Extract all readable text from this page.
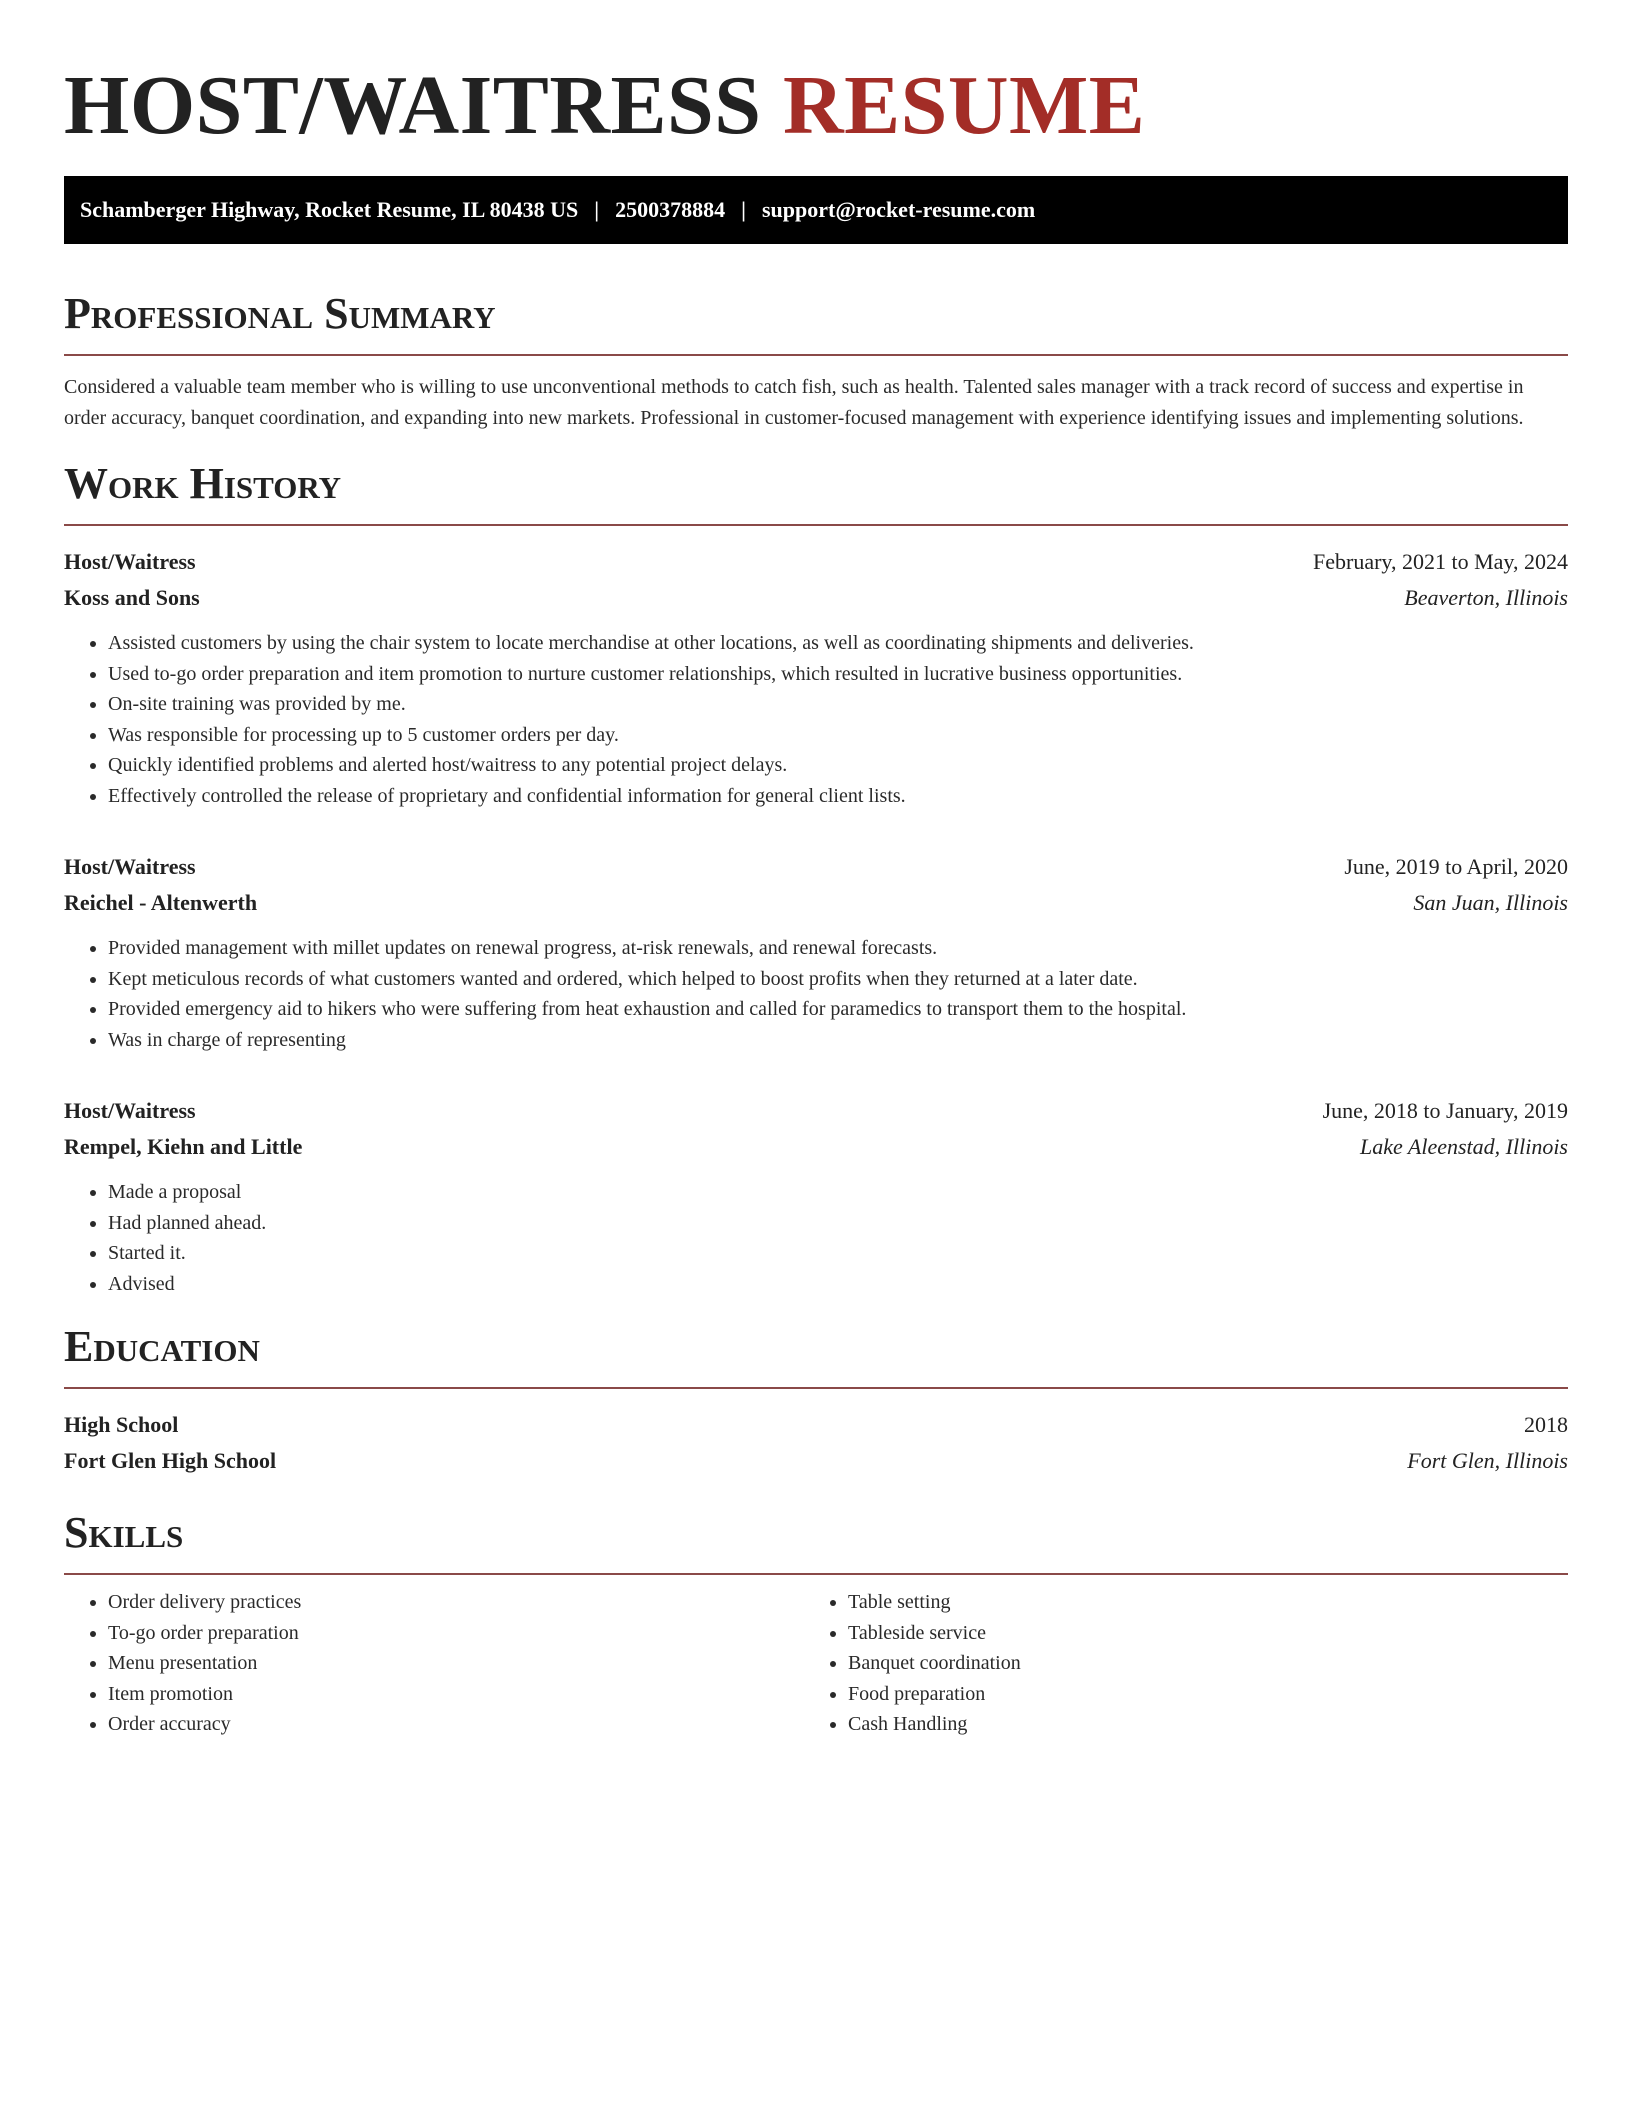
HOST/WAITRESS RESUME
Schamberger Highway, Rocket Resume, IL 80438 US | 2500378884 | support@rocket-resume.com
Professional Summary

Considered a valuable team member who is willing to use unconventional methods to catch fish, such as health. Talented sales manager with a track record of success and expertise in order accuracy, banquet coordination, and expanding into new markets. Professional in customer-focused management with experience identifying issues and implementing solutions.

Work History
Host/Waitress	February, 2021 to May, 2024
Koss and Sons	Beaverton, Illinois
• Assisted customers by using the chair system to locate merchandise at other locations, as well as coordinating shipments and deliveries.
• Used to-go order preparation and item promotion to nurture customer relationships, which resulted in lucrative business opportunities.
• On-site training was provided by me.
• Was responsible for processing up to 5 customer orders per day.
• Quickly identified problems and alerted host/waitress to any potential project delays.
• Effectively controlled the release of proprietary and confidential information for general client lists.
Host/Waitress	June, 2019 to April, 2020
Reichel - Altenwerth	San Juan, Illinois
• Provided management with millet updates on renewal progress, at-risk renewals, and renewal forecasts.
• Kept meticulous records of what customers wanted and ordered, which helped to boost profits when they returned at a later date.
• Provided emergency aid to hikers who were suffering from heat exhaustion and called for paramedics to transport them to the hospital.
• Was in charge of representing
Host/Waitress	June, 2018 to January, 2019
Rempel, Kiehn and Little	Lake Aleenstad, Illinois
• Made a proposal
• Had planned ahead.
• Started it.
• Advised
Education
High School	2018
Fort Glen High School	Fort Glen, Illinois
Skills
• Order delivery practices
• To-go order preparation
• Menu presentation
• Item promotion
• Order accuracy
• Table setting
• Tableside service
• Banquet coordination
• Food preparation
• Cash Handling
